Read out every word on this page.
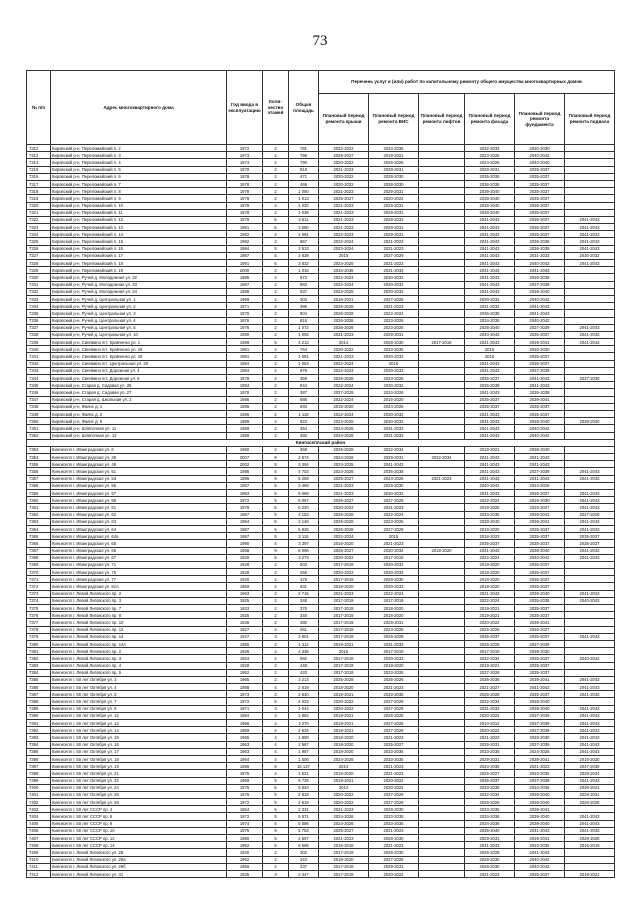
73
№ п/п	Адрес многоквартирного дома	Год ввода в эксплуатацию	Коли-чество этажей	Общая площадь	Перечень услуг и (или) работ по капитальному ремонту общего имущества многоквартирных домов					
					Плановый период ремонта крыши	Плановый период ремонта ВИС	Плановый период ремонта лифтов	Плановый период ремонта фасада	Плановый период ремонта фундамента	Плановый период ремонта подвала
7312	Кировский р-н, Переломайский п. 2	1972	2	781	2022-2022	2034-2036		2032-2034	2030-2030	
7313	Кировский р-н, Переломайский п. 3	1973	2	796	2025-2027	2019-2021		2023-2025	2040-2042	
7314	Кировский р-н, Переломайский п. 4	1974	2	790	2020-2022	2026-2026		2024-2026	2040-2040	
7315	Кировский р-н, Переломайский п. 5	1978	2	818	2021-2023	2028-2031		2028-2031	2035-2037	
7316	Кировский р-н, Переломайский п. 6	1978	2	471	2020-2022	2028-2030		2036-2038	2035-2037	
7317	Кировский р-н, Переломайский п. 7	1978	2	469	2020-2022	2028-2030		2036-2038	2035-2037	
7318	Кировский р-н, Переломайский п. 8	1978	2	1 050	2021-2023	2029-2031		2039-2040	2035-2037	
7319	Кировский р-н, Переломайский п. 9	1978	2	1 013	2025-2027	2020-2022		2038-2040	2035-2037	
7320	Кировский р-н, Переломайский п. 10	1978	2	1 020	2021-2023	2028-2031		2038-2040	2035-2037	
7321	Кировский р-н, Переломайский п. 11	1978	2	1 036	2021-2023	2028-2031		2038-2040	2035-2037	
7322	Кировский р-н, Переломайский п. 12	1978	5	3 511	2021-2023	2028-2031		2041-2043	2035-2037	2041-2043
7323	Кировский р-н, Переломайский п. 13	1981	5	3 580	2021-2023	2028-2031		2041-2043	2035-2037	2041-2043
7324	Кировский р-н, Переломайский п. 14	1982	2	1 061	2022-2024	2029-2031		2041-2043	2035-2037	2041-2043
7325	Кировский р-н, Переломайский п. 15	1982	2	867	2022-2024	2021-2023		2041-2043	2036-2038	2041-2043
7326	Кировский р-н, Переломайский п. 16	1984	5	3 513	2023-2024	2021-2023		2041-2043	2036-2038	2041-2043
7327	Кировский р-н, Переломайский п. 17	1987	5	3 639	2015	2027-2029		2041-2043	2031-2033	2030-2032
7328	Кировский р-н, Переломайский п. 18	1991	5	3 832	2024-2026	2021-2023		2041-2043	2040-2042	2041-2043
7329	Кировский р-н, Переломайский п. 19	2000	2	1 016	2034-2036	2031-2033		2041-2043	2041-2043	
7330	Кировский р-н, Ручей д. Молодежная ул. 32	1985	2	873	2022-2024	2030-2032		2041-2043	2036-2038	
7331	Кировский р-н, Ручей д. Молодежная ул. 33	1987	2	883	2022-2024	2030-2032		2041-2043	2037-2039	
7332	Кировский р-н, Ручей д. Молодежная ул. 34	1988	2	537	2023-2025	2030-2032		2041-2043	2038-2040	
7333	Кировский р-н, Ручей д. Центральная ул. 1	1969	2	303	2016-2021	2027-2029		2030-2032	2040-2042	
7334	Кировский р-н, Ручей д. Центральная ул. 2	1971	2	386	2025-2026	2021-2023		2031-2033	2041-2043	
7335	Кировский р-н, Ручей д. Центральная ул. 3	1976	2	804	2026-2028	2022-2024		2036-2038	2041-2043	
7336	Кировский р-н, Ручей д. Центральная ул. 4	1976	2	815	2026-2028	2023-2025		2034-2036	2040-2042	
7337	Кировский р-н, Ручей д. Центральная ул. 5	1976	2	1 072	2026-2026	2023-2025		2038-2040	2037-2039	2041-2043
7338	Кировский р-н, Ручей д. Центральная ул. 10	1980	2	1 093	2021-2023	2029-2031		2040-2042	2035-2037	2041-2043
7339	Кировский р-н, Синявино пгт. Кравченко ул. 1	1989	5	4 213	2014	2028-2030	2017-2019	2041-2043	2039-2041	2041-2043
7340	Кировский р-н, Синявино пгт. Кравченко ул. 16	1981	2	764	2020-2022	2033-2035		2015	2030-2030	
7341	Кировский р-н, Синявино пгт. Кравченко ул. 18	1981	2	1 061	2021-2023	2030-2032		2015	2035-2037	
7342	Кировский р-н, Синявино пгт. Центральная ул. 20	1984	2	1 053	2022-2024	2015		2041-2043	2035-2037	
7343	Кировский р-н, Синявино пгт. Дорожная ул. 4	1984	2	979	2022-2024	2030-2032		2041-2043	2037-2039	
7344	Кировский р-н, Синявино пгт. Дорожная ул. 6	1978	2	359	2026-2028	2023-2025		2035-2037	2041-2043	2037-2039
7345	Кировский р-н, Старая д. Садовая ул. 25	1984	2	844	2022-2024	2030-2032		2036-2038	2041-2043	
7346	Кировский р-н, Старая д. Садовая ул. 27	1978	2	387	2027-2029	2024-2026		2041-2043	2036-2038	
7347	Кировский р-н, Старая д. Школьная ул. 2	1986	2	688	2022-2024	2016-2020		2035-2037	2039-2041	
7348	Кировский р-н, Фаянс д. 1	1986	2	693	2015-2020	2024-2026		2035-2037	2035-2037	
7349	Кировский р-н, Фаянс д. 2	1986	2	1 118	2022-2024	2030-2032		2041-2043	2035-2037	
7350	Кировский р-н, Фаянс д. 5	1989	2	923	2023-2025	2030-2032		2041-2043	2038-2040	2038-2040
7351	Кировский р-н, Шляпочная ул. 11	1989	2	454	2024-2026	2031-2033		2041-2043	2040-2042	
7352	Кировский р-н, Шляпочная ул. 13	1989	2	460	2024-2026	2031-2033		2041-2043	2040-2042	
Кингисеппский район										
7353	Кингисепп г. Иванградская ул. 6	1960	2	368	2026-2028	2032-2034		2019-2021	2038-2040	
7354	Кингисепп г. Иванградская ул. 36	2007	9	2 674	2024-2026	2029-2031	2032-2034	2041-2043	2041-2043	
7355	Кингисепп г. Иванградская ул. 49	2002	5	3 394	2023-2025	2041-2043		2041-2043	2041-2043	
7356	Кингисепп г. Иванградская ул. 51	1986	5	4 702	2024-2026	2036-2038		2041-2043	2037-2039	2041-2043
7357	Кингисепп г. Иванградская ул. 53	1996	5	5 259	2025-2027	2024-2026	2021-2023	2041-2043	2041-2043	2041-2043
7358	Кингисепп г. Иванградская ул. 55	1987	5	3 489	2021-2023	2028-2030		2040-2042	2024-2026	
7359	Кингисепп г. Иванградская ул. 57	1983	5	6 089	2021-2023	2030-2032		2041-2043	2035-2037	2041-2043
7360	Кингисепп г. Иванградская ул. 59	1972	5	5 067	2025-2027	2027-2029		2022-2024	2028-2030	2041-2043
7361	Кингисепп г. Иванградская ул. 61	1978	5	6 220	2020-2022	2021-2023		2019-2025	2025-2027	2041-2043
7362	Кингисепп г. Иванградская ул. 62	1987	5	4 153	2026-2028	2022-2024		2033-2035	2039-2041	2027-2029
7363	Кингисепп г. Иванградская ул. 63	1984	5	3 146	2026-2026	2023-2025		2038-2040	2039-2041	2041-2043
7364	Кингисепп г. Иванградская ул. 64	1987	5	5 826	2026-2028	2027-2029		2019-2020	2035-2037	2041-2043
7365	Кингисепп г. Иванградская ул. 64а	1987	5	3 116	2022-2024	2015		2018-2023	2035-2037	2035-2037
7366	Кингисепп г. Иванградская ул. 65	1990	4	3 397	2016-2020	2021-2023		2035-2037	2035-2037	2035-2037
7367	Кингисепп г. Иванградская ул. 66	1968	9	6 096	2026-2027	2030-2034	2018-2020	2041-2043	2038-2040	2041-2043
7368	Кингисепп г. Иванградская ул. 67	1940	5	3 273	2020-2022	2017-2019		2022-2024	2040-2042	2041-2043
7369	Кингисепп г. Иванградская ул. 71	1928	2	503	2017-2019	2030-2032		2018-2020	2036-2037	
7370	Кингисепп г. Иванградская ул. 75	1928	2	258	2020-2022	2030-2034		2018-2020	2035-2037	
7371	Кингисепп г. Иванградская ул. 77	1920	2	475	2017-2019	2028-2030		2018-2020	2035-2037	
7372	Кингисепп г. Иванградская ул. 81А	1959	2	631	2018-2020	2030-2032		2018-2020	2035-2037	
7373	Кингисепп г. Левой Лиговского пр. 2	1963	2	2 715	2021-2023	2022-2024		2041-2043	2038-2040	2041-2043
7374	Кингисепп г. Левой Лиговского пр. 3	1925	2	348	2017-2019	2017-2019		2022-2024	2035-2036	2040-2042
7375	Кингисепп г. Левой Лиговского пр. 7	1933	2	376	2017-2019	2018-2020		2019-2021	2035-2037	
7376	Кингисепп г. Левой Лиговского пр. 8	1925	2	340	2017-2019	2018-2020		2019-2021	2035-2037	
7377	Кингисепп г. Левой Лиговского пр. 10	1936	2	390	2017-2019	2029-2031		2020-2022	2039-2041	
7378	Кингисепп г. Левой Лиговского пр. 12	1927	2	261	2017-2019	2023-2025		2025-2026	2026-2027	
7379	Кингисепп г. Левой Лиговского пр. 14	1927	3	3 801	2017-2019	2026-2028		2035-2037	2035-2037	2041-2043
7380	Кингисепп г. Левой Лиговского пр. 14А	1955	2	1 312	2019-2021	2031-2033		2026-2028	2037-2039	
7381	Кингисепп г. Левой Лиговского пр. 2	1926	4	4 336	2015	2017-2019		2017-2019	2038-2030	
7382	Кингисепп г. Левой Лиговского пр. 3	1934	2	592	2017-2019	2030-2032		2032-2034	2035-2037	2040-2042
7383	Кингисепп г. Левой Лиговского пр. 4	1928	2	448	2017-2019	2018-2020		2019-2021	2035-2037	
7384	Кингисепп г. Левой Лиговского пр. 5	1952	2	420	2017-2019	2023-2025		2027-2029	2035-2037	
7385	Кингисепп г. 50 лет Октября ул. 3	1965	2	3 214	2026-2028	2026-2026		2036-2038	2039-2041	2041-2043
7386	Кингисепп г. 50 лет Октября ул. 4	1968	4	2 619	2018-2020	2021-2023		2021-2027	2041-2043	2041-2043
7387	Кингисепп г. 50 лет Октября ул. 5	1973	2	2 840	2019-2021	2033-2035		2026-2028	2035-2037	2041-2043
7388	Кингисепп г. 50 лет Октября ул. 7	1972	5	4 022	2020-2022	2027-2029		2032-2034	2038-2040	
7389	Кингисепп г. 50 лет Октября ул. 9	1971	3	1 044	2020-2022	2027-2029		2031-2033	2038-2040	2041-2043
7390	Кингисепп г. 50 лет Октября ул. 12	1984	4	1 862	2019-2021	2026-2028		2020-2022	2037-2039	2041-2043
7391	Кингисепп г. 50 лет Октября ул. 13	1966	4	3 270	2019-2021	2027-2029		2010-2012	2037-2039	2041-2043
7392	Кингисепп г. 50 лет Октября ул. 14	1969	4	2 634	2019-2021	2027-2029		2020-2022	2037-2039	2041-2043
7393	Кингисепп г. 50 лет Октября ул. 15	1965	4	1 890	2018-2020	2021-2023		2021-2023	2028-2030	2041-2043
7394	Кингисепп г. 50 лет Октября ул. 16	1963	4	2 567	2018-2020	2025-2027		2029-2031	2037-2039	2041-2043
7395	Кингисепп г. 50 лет Октября ул. 17	1963	4	1 987	2018-2020	2033-2035		2033-2035	2024-2026	2041-2043
7396	Кингисепп г. 50 лет Октября ул. 18	1964	4	1 506	2024-2026	2033-2035		2029-2031	2039-2041	2016-2020
7397	Кингисепп г. 50 лет Октября ул. 19	1966	5	15 137	2014	2021-2023		2034-2036	2021-2023	2037-2039
7398	Кингисепп г. 50 лет Октября ул. 21	1975	4	1 521	2018-2020	2021-2023		2025-2027	2033-2035	2029-2034
7399	Кингисепп г. 50 лет Октября ул. 22	1969	5	5 725	2019-2021	2020-2022		2035-2037	2037-2039	2041-2043
7400	Кингисепп г. 50 лет Октября ул. 24	1975	5	5 643	2014	2020-2022		2033-2035	2034-2036	2038-2041
7401	Кингисепп г. 50 лет Октября ул. 25	1976	5	2 818	2020-2022	2027-2029		2032-2034	2039-2040	2029-2031
7402	Кингисепп г. 50 лет Октября ул. 26	1972	5	2 619	2020-2022	2027-2029		2026-2028	2039-2040	2026-2028
7403	Кингисепп г. 50 лет СССР пр. 4	1964	5	2 331	2021-2023	2028-2030		2033-2035	2039-2041	
7404	Кингисепп г. 50 лет СССР пр. 6	1972	5	5 571	2024-2026	2033-2035		2034-2036	2039-2040	2041-2043
7405	Кингисепп г. 50 лет СССР пр. 8	1974	5	5 086	2024-2026	2033-2035		2034-2036	2039-2040	2041-2043
7406	Кингисепп г. 50 лет СССР пр. 10	1975	5	5 753	2025-2027	2021-2023		2038-2040	2041-2043	2041-2043
7407	Кингисепп г. 50 лет СССР пр. 12	1980	5	4 697	2021-2023	2028-2030		2029-2031	2039-2041	2026-2028
7408	Кингисепп г. 50 лет СССР пр. 14	1982	5	6 586	2016-2018	2021-2023		2041-2043	2033-2035	2016-2019
7409	Кингисепп г. Левой Лиговского ул. 28	1930	2	302	2017-2019	2028-2030		2026-2028	2041-2043	
7410	Кингисепп г. Левой Лиговского ул. 29а	1962	2	243	2018-2020	2027-2029		2028-2030	2040-2042	
7411	Кингисепп г. Левой Лиговского ул. 29б	1956	2	237	2017-2019	2029-2031		2028-2030	2040-2042	
7412	Кингисепп г. Левой Лиговского ул. 31	1935	3	2 347	2017-2019	2020-2022		2021-2023	2035-2037	2019-2021
